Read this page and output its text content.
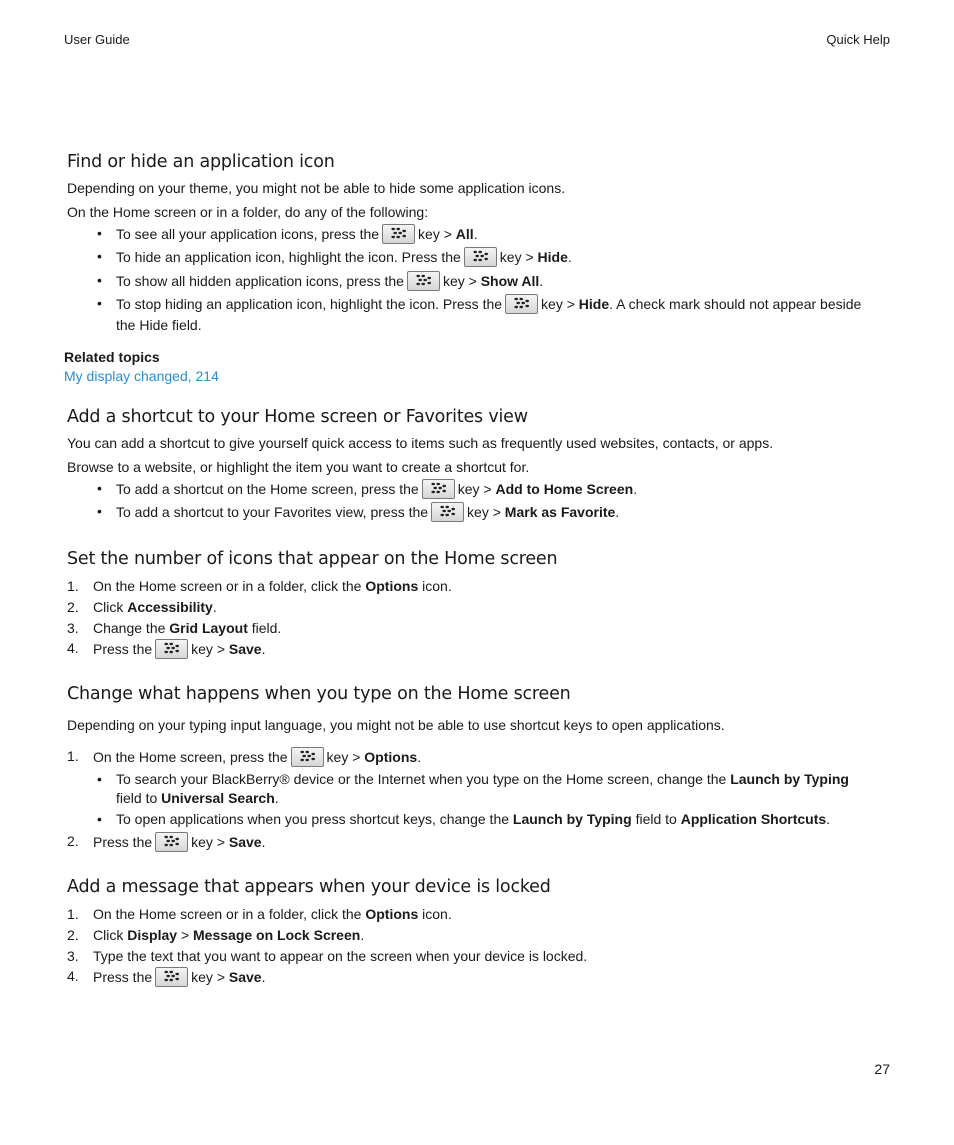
User Guide	Quick Help
Find or hide an application icon

Depending on your theme, you might not be able to hide some application icons.

On the Home screen or in a folder, do any of the following:

• To see all your application icons, press the	key >
All .
• To hide an application icon, highlight the icon. Press the	key >
Hide .
• To show all hidden application icons, press the	key >
Show All .
• To stop hiding an application icon, highlight the icon. Press the	key >
Hide . A check mark should not appear beside
the Hide field.
Related topics
My display changed, 214
Add a shortcut to your Home screen or Favorites view

You can add a shortcut to give yourself quick access to items such as frequently used websites, contacts, or apps.

Browse to a website, or highlight the item you want to create a shortcut for.

• To add a shortcut on the Home screen, press the	key >
Add to Home Screen .
• To add a shortcut to your Favorites view, press the	key >
Mark as Favorite .
Set the number of icons that appear on the Home screen
1. On the Home screen or in a folder, click the
Options
icon.
2. Click
Accessibility .
3. Change the
Grid Layout
field.
4. Press the	key >
Save .
Change what happens when you type on the Home screen

Depending on your typing input language, you might not be able to use shortcut keys to open applications.

1. On the Home screen, press the	key >
Options .
• To search your BlackBerry® device or the Internet when you type on the Home screen, change the
Launch by Typing
field to
Universal Search .
• To open applications when you press shortcut keys, change the
Launch by Typing
field to
Application Shortcuts .
2. Press the	key >
Save .
Add a message that appears when your device is locked
1. On the Home screen or in a folder, click the
Options
icon.
2. Click
Display
>
Message on Lock Screen .
3. Type the text that you want to appear on the screen when your device is locked.
4. Press the	key >
Save .
27
